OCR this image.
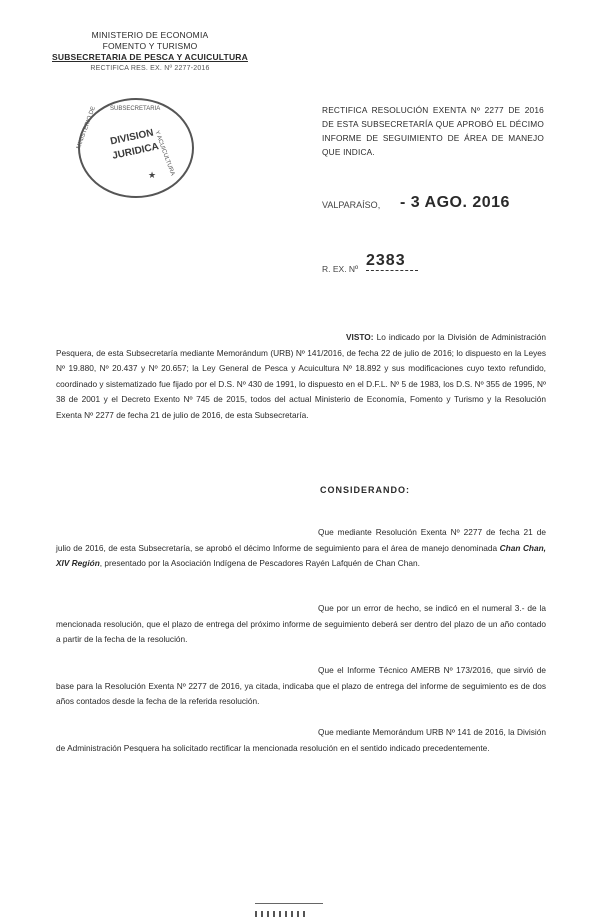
MINISTERIO DE ECONOMIA
FOMENTO Y TURISMO
SUBSECRETARIA DE PESCA Y ACUICULTURA
RECTIFICA RES. EX. Nº 2277-2016
SUBSECRETARIA
MINISTERIO DE
Y ACUICULTURA
DIVISION
JURIDICA
★
RECTIFICA RESOLUCIÓN EXENTA Nº 2277 DE 2016 DE ESTA SUBSECRETARÍA QUE APROBÓ EL DÉCIMO INFORME DE SEGUIMIENTO DE ÁREA DE MANEJO QUE INDICA.
VALPARAÍSO, - 3 AGO. 2016
R. EX. Nº 2383
VISTO: Lo indicado por la División de Administración Pesquera, de esta Subsecretaría mediante Memorándum (URB) Nº 141/2016, de fecha 22 de julio de 2016; lo dispuesto en la Leyes Nº 19.880, Nº 20.437 y Nº 20.657; la Ley General de Pesca y Acuicultura Nº 18.892 y sus modificaciones cuyo texto refundido, coordinado y sistematizado fue fijado por el D.S. Nº 430 de 1991, lo dispuesto en el D.F.L. Nº 5 de 1983, los D.S. Nº 355 de 1995, Nº 38 de 2001 y el Decreto Exento Nº 745 de 2015, todos del actual Ministerio de Economía, Fomento y Turismo y la Resolución Exenta Nº 2277 de fecha 21 de julio de 2016, de esta Subsecretaría.
CONSIDERANDO:
Que mediante Resolución Exenta Nº 2277 de fecha 21 de julio de 2016, de esta Subsecretaría, se aprobó el décimo Informe de seguimiento para el área de manejo denominada Chan Chan, XIV Región, presentado por la Asociación Indígena de Pescadores Rayén Lafquén de Chan Chan.
Que por un error de hecho, se indicó en el numeral 3.- de la mencionada resolución, que el plazo de entrega del próximo informe de seguimiento deberá ser dentro del plazo de un año contado a partir de la fecha de la resolución.
Que el Informe Técnico AMERB Nº 173/2016, que sirvió de base para la Resolución Exenta Nº 2277 de 2016, ya citada, indicaba que el plazo de entrega del informe de seguimiento es de dos años contados desde la fecha de la referida resolución.
Que mediante Memorándum URB Nº 141 de 2016, la División de Administración Pesquera ha solicitado rectificar la mencionada resolución en el sentido indicado precedentemente.
